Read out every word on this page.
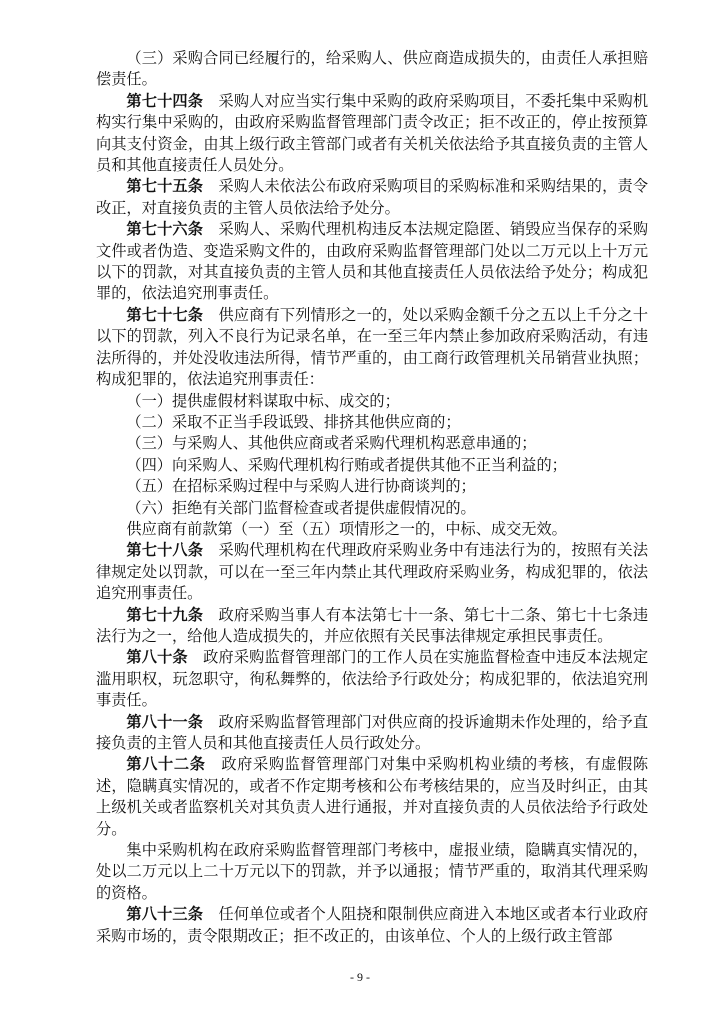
（三）采购合同已经履行的，给采购人、供应商造成损失的，由责任人承担赔偿责任。

第七十四条　采购人对应当实行集中采购的政府采购项目，不委托集中采购机构实行集中采购的，由政府采购监督管理部门责令改正；拒不改正的，停止按预算向其支付资金，由其上级行政主管部门或者有关机关依法给予其直接负责的主管人员和其他直接责任人员处分。

第七十五条　采购人未依法公布政府采购项目的采购标准和采购结果的，责令改正，对直接负责的主管人员依法给予处分。

第七十六条　采购人、采购代理机构违反本法规定隐匿、销毁应当保存的采购文件或者伪造、变造采购文件的，由政府采购监督管理部门处以二万元以上十万元以下的罚款，对其直接负责的主管人员和其他直接责任人员依法给予处分；构成犯罪的，依法追究刑事责任。

第七十七条　供应商有下列情形之一的，处以采购金额千分之五以上千分之十以下的罚款，列入不良行为记录名单，在一至三年内禁止参加政府采购活动，有违法所得的，并处没收违法所得，情节严重的，由工商行政管理机关吊销营业执照；构成犯罪的，依法追究刑事责任：

（一）提供虚假材料谋取中标、成交的；

（二）采取不正当手段诋毁、排挤其他供应商的；

（三）与采购人、其他供应商或者采购代理机构恶意串通的；

（四）向采购人、采购代理机构行贿或者提供其他不正当利益的；

（五）在招标采购过程中与采购人进行协商谈判的；

（六）拒绝有关部门监督检查或者提供虚假情况的。

供应商有前款第（一）至（五）项情形之一的，中标、成交无效。

第七十八条　采购代理机构在代理政府采购业务中有违法行为的，按照有关法律规定处以罚款，可以在一至三年内禁止其代理政府采购业务，构成犯罪的，依法追究刑事责任。

第七十九条　政府采购当事人有本法第七十一条、第七十二条、第七十七条违法行为之一，给他人造成损失的，并应依照有关民事法律规定承担民事责任。

第八十条　政府采购监督管理部门的工作人员在实施监督检查中违反本法规定滥用职权，玩忽职守，徇私舞弊的，依法给予行政处分；构成犯罪的，依法追究刑事责任。

第八十一条　政府采购监督管理部门对供应商的投诉逾期未作处理的，给予直接负责的主管人员和其他直接责任人员行政处分。

第八十二条　政府采购监督管理部门对集中采购机构业绩的考核，有虚假陈述，隐瞒真实情况的，或者不作定期考核和公布考核结果的，应当及时纠正，由其上级机关或者监察机关对其负责人进行通报，并对直接负责的人员依法给予行政处分。

集中采购机构在政府采购监督管理部门考核中，虚报业绩，隐瞒真实情况的，处以二万元以上二十万元以下的罚款，并予以通报；情节严重的，取消其代理采购的资格。

第八十三条　任何单位或者个人阻挠和限制供应商进入本地区或者本行业政府采购市场的，责令限期改正；拒不改正的，由该单位、个人的上级行政主管部

- 9 -
